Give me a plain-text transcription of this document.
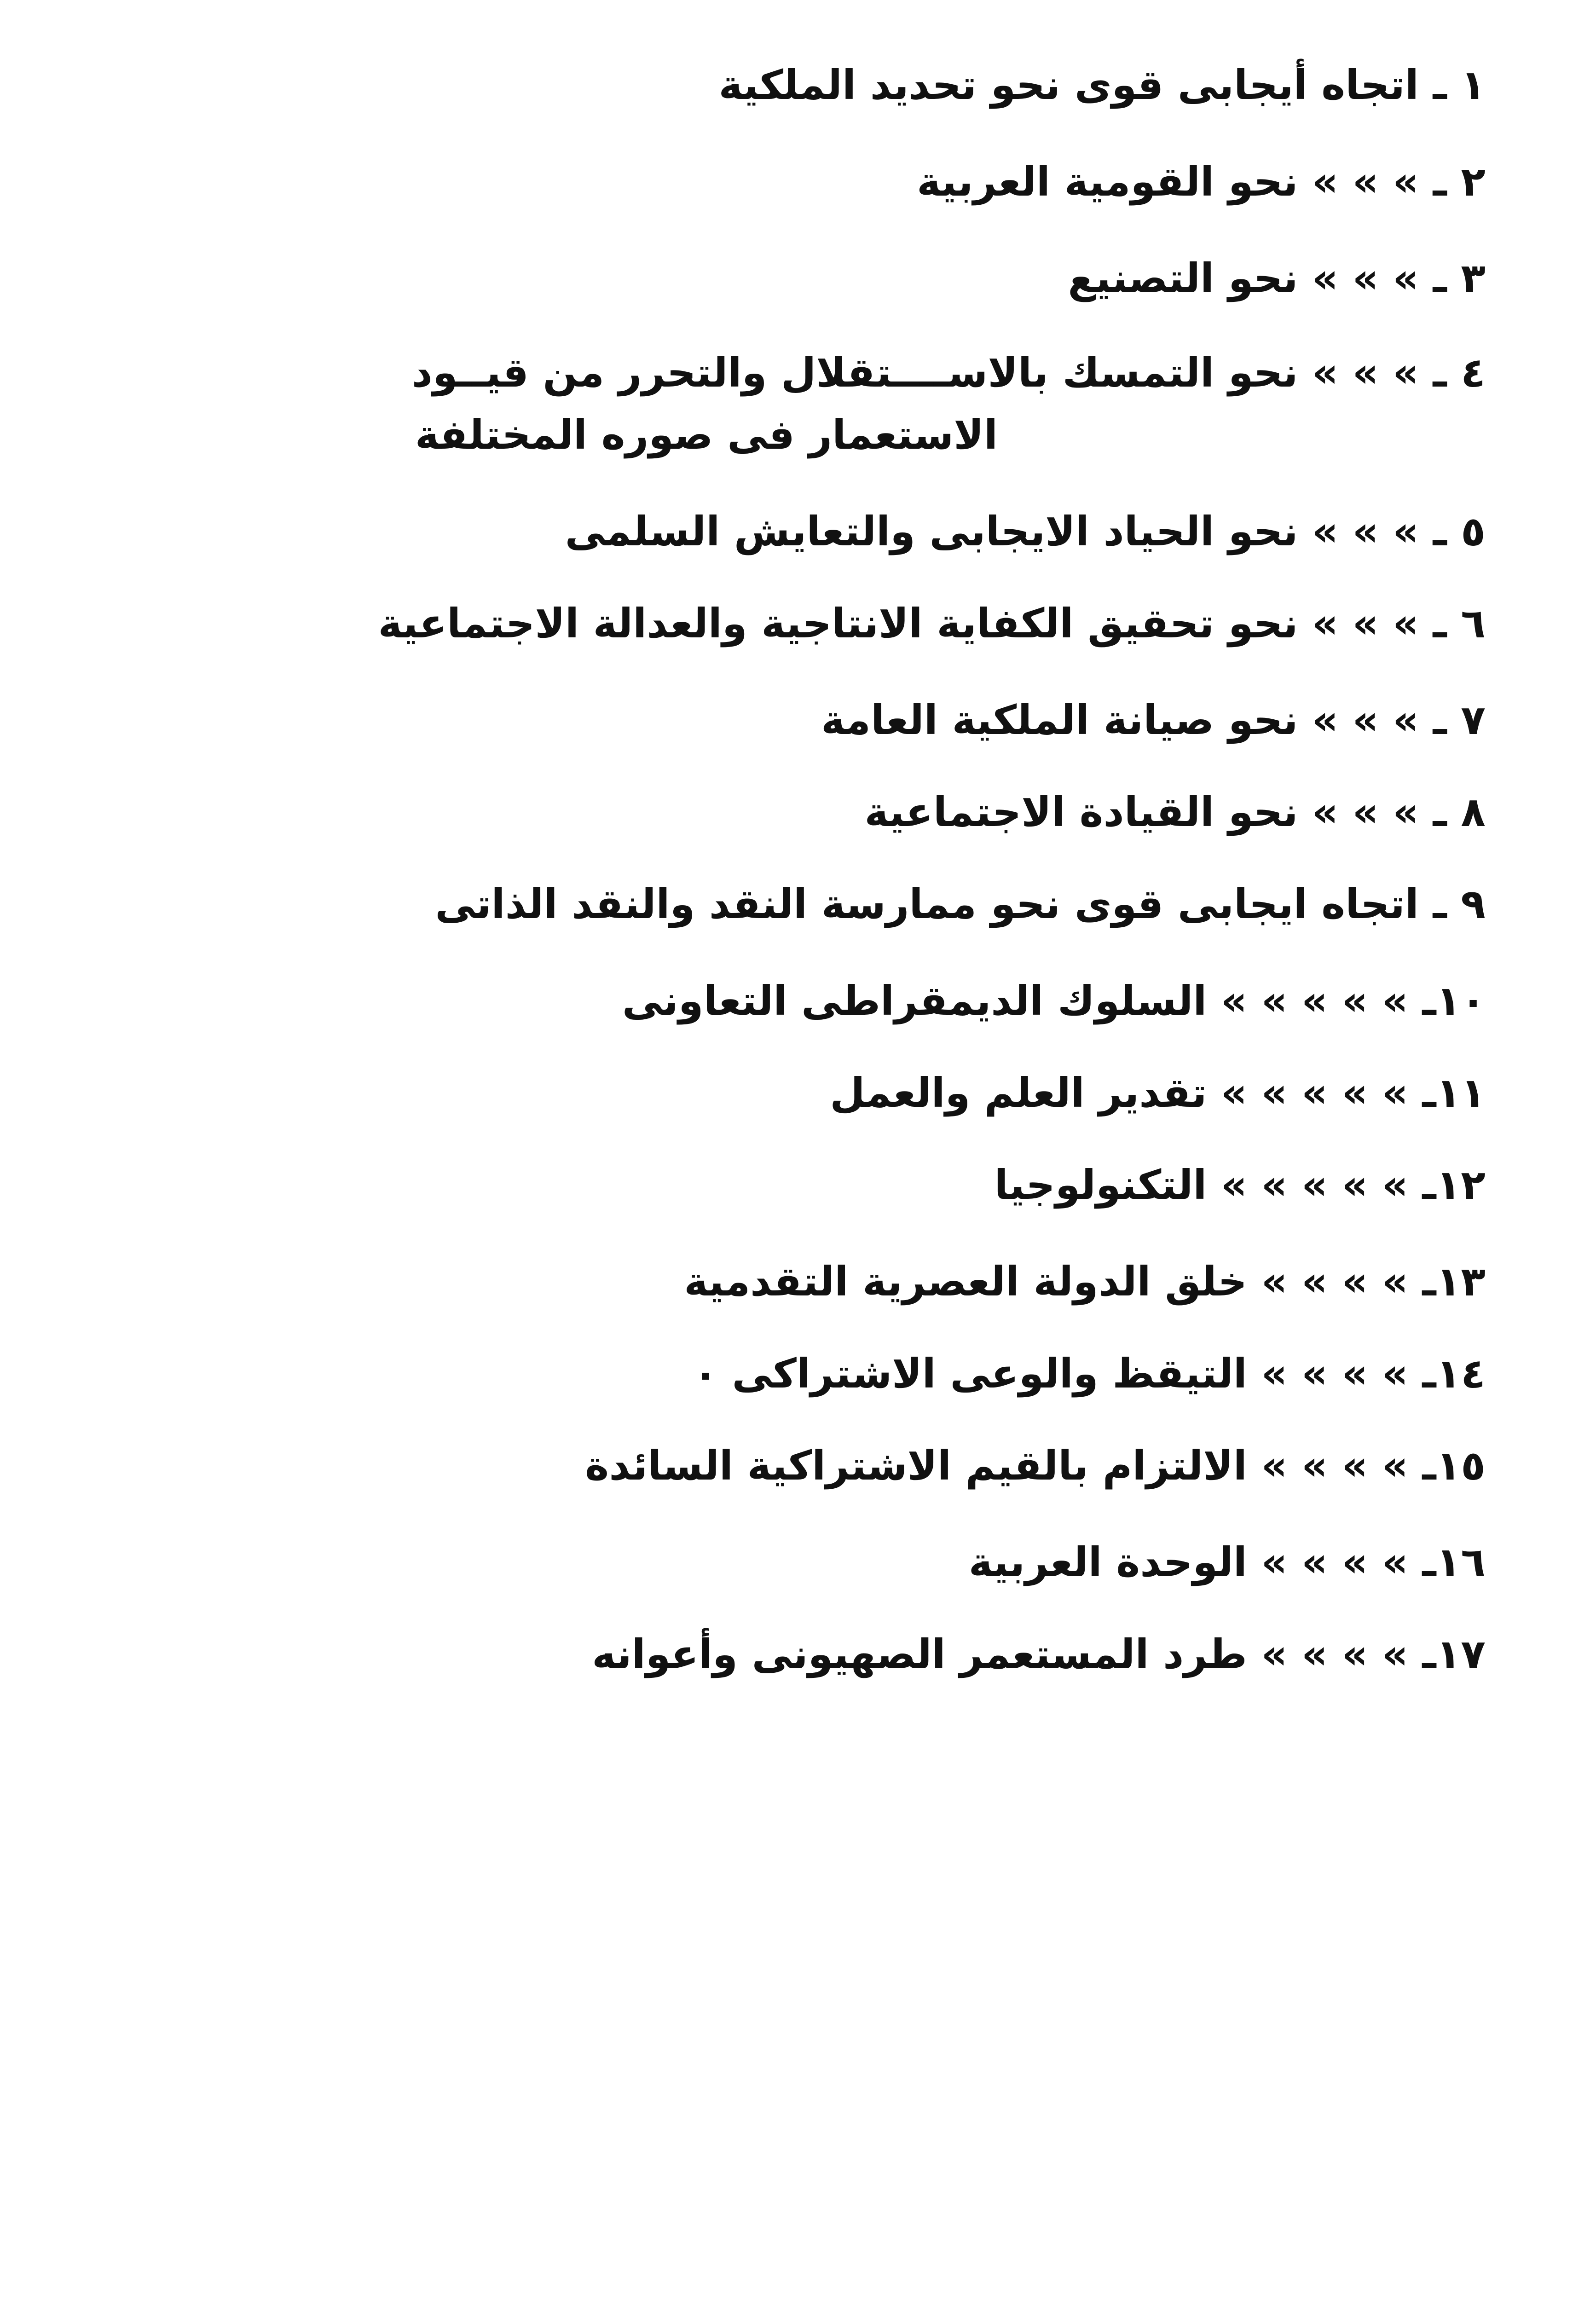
١ ـ اتجاه أيجابى قوى نحو تحديد الملكية
٢ ـ » » » نحو القومية العربية
٣ ـ » » » نحو التصنيع
٤ ـ » » » نحو التمسك بالاســــتقلال والتحرر من قيــود
الاستعمار فى صوره المختلفة
٥ ـ » » » نحو الحياد الايجابى والتعايش السلمى
٦ ـ » » » نحو تحقيق الكفاية الانتاجية والعدالة الاجتماعية
٧ ـ » » » نحو صيانة الملكية العامة
٨ ـ » » » نحو القيادة الاجتماعية
٩ ـ اتجاه ايجابى قوى نحو ممارسة النقد والنقد الذاتى
١٠ـ » » » » » السلوك الديمقراطى التعاونى
١١ـ » » » » » تقدير العلم والعمل
١٢ـ » » » » » التكنولوجيا
١٣ـ » » » » خلق الدولة العصرية التقدمية
١٤ـ » » » » التيقظ والوعى الاشتراكى ٠
١٥ـ » » » » الالتزام بالقيم الاشتراكية السائدة
١٦ـ » » » » الوحدة العربية
١٧ـ » » » » طرد المستعمر الصهيونى وأعوانه
